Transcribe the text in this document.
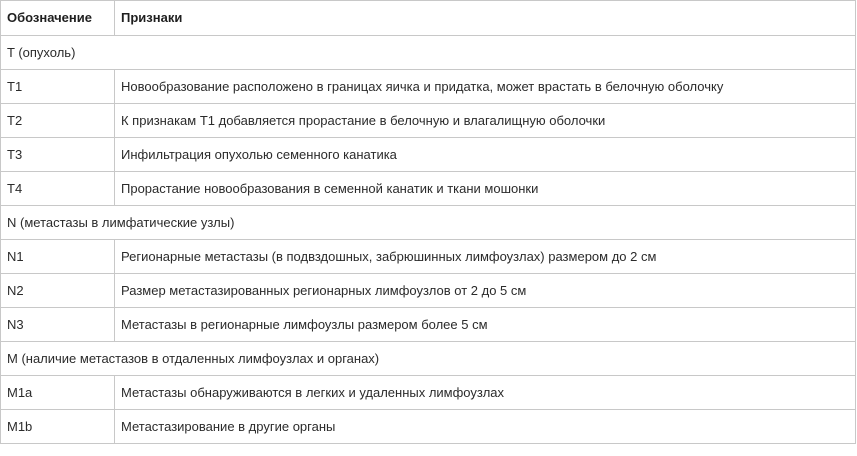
Обозначение	Признаки
T (опухоль)	
T1	Новообразование расположено в границах яичка и придатка, может врастать в белочную оболочку
T2	К признакам T1 добавляется прорастание в белочную и влагалищную оболочки
T3	Инфильтрация опухолью семенного канатика
T4	Прорастание новообразования в семенной канатик и ткани мошонки
N (метастазы в лимфатические узлы)	
N1	Регионарные метастазы (в подвздошных, забрюшинных лимфоузлах) размером до 2 см
N2	Размер метастазированных регионарных лимфоузлов от 2 до 5 см
N3	Метастазы в регионарные лимфоузлы размером более 5 см
M (наличие метастазов в отдаленных лимфоузлах и органах)	
M1a	Метастазы обнаруживаются в легких и удаленных лимфоузлах
M1b	Метастазирование в другие органы
